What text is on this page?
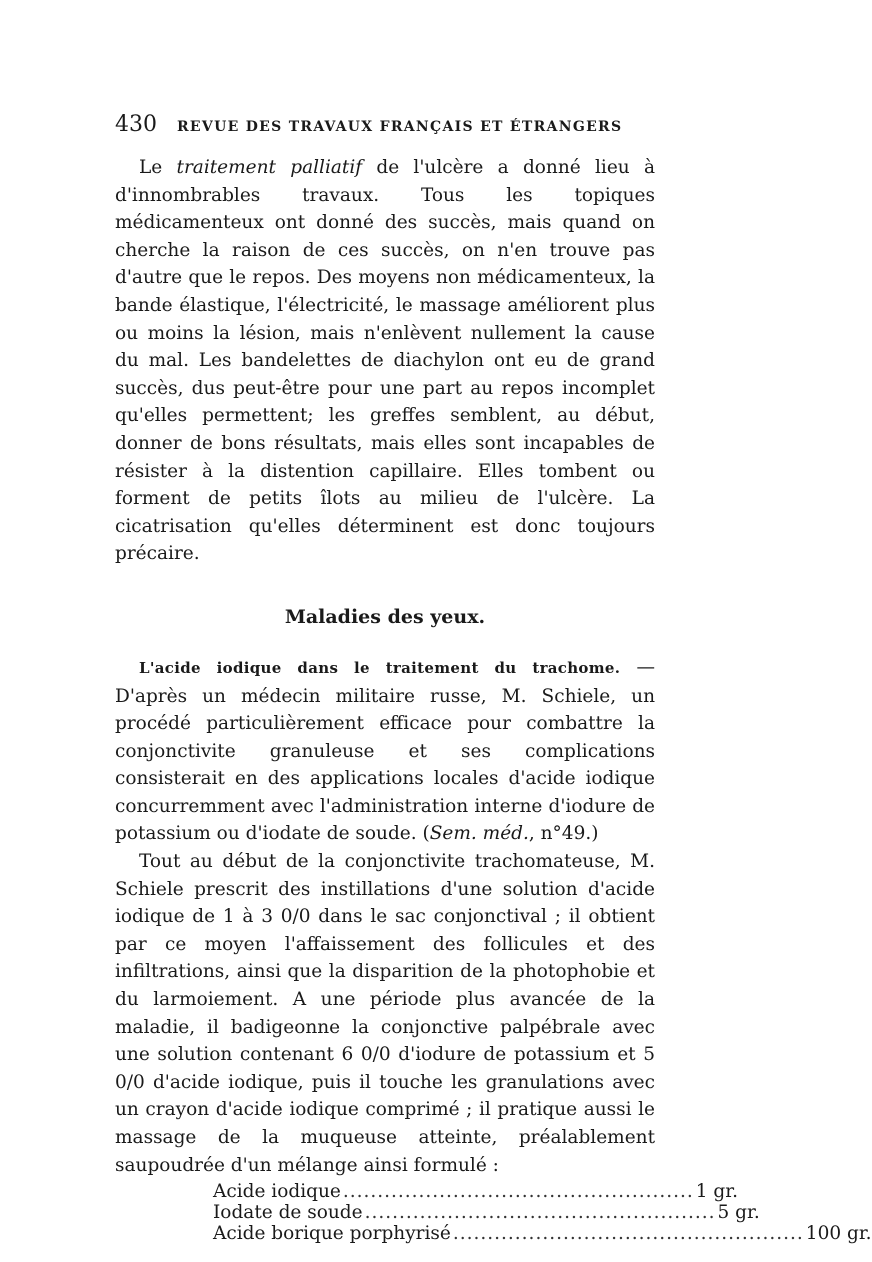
430	REVUE DES TRAVAUX FRANÇAIS ET ÉTRANGERS

Le traitement palliatif de l'ulcère a donné lieu à d'innombrables travaux. Tous les topiques médicamenteux ont donné des succès, mais quand on cherche la raison de ces succès, on n'en trouve pas d'autre que le repos. Des moyens non médicamenteux, la bande élastique, l'électricité, le massage améliorent plus ou moins la lésion, mais n'enlèvent nullement la cause du mal. Les bandelettes de diachylon ont eu de grand succès, dus peut-être pour une part au repos incomplet qu'elles permettent; les greffes semblent, au début, donner de bons résultats, mais elles sont incapables de résister à la distention capillaire. Elles tombent ou forment de petits îlots au milieu de l'ulcère. La cicatrisation qu'elles déterminent est donc toujours précaire.

Maladies des yeux.

L'acide iodique dans le traitement du trachome. — D'après un médecin militaire russe, M. Schiele, un procédé particulièrement efficace pour combattre la conjonctivite granuleuse et ses complications consisterait en des applications locales d'acide iodique concurremment avec l'administration interne d'iodure de potassium ou d'iodate de soude. (Sem. méd., n°49.)

Tout au début de la conjonctivite trachomateuse, M. Schiele prescrit des instillations d'une solution d'acide iodique de 1 à 3 0/0 dans le sac conjonctival ; il obtient par ce moyen l'affaissement des follicules et des infiltrations, ainsi que la disparition de la photophobie et du larmoiement. A une période plus avancée de la maladie, il badigeonne la conjonctive palpébrale avec une solution contenant 6 0/0 d'iodure de potassium et 5 0/0 d'acide iodique, puis il touche les granulations avec un crayon d'acide iodique comprimé ; il pratique aussi le massage de la muqueuse atteinte, préalablement saupoudrée d'un mélange ainsi formulé :

Acide iodique ................................................... 1 gr.
Iodate de soude ................................................... 5 gr.
Acide borique porphyrisé ................................................... 100 gr.
